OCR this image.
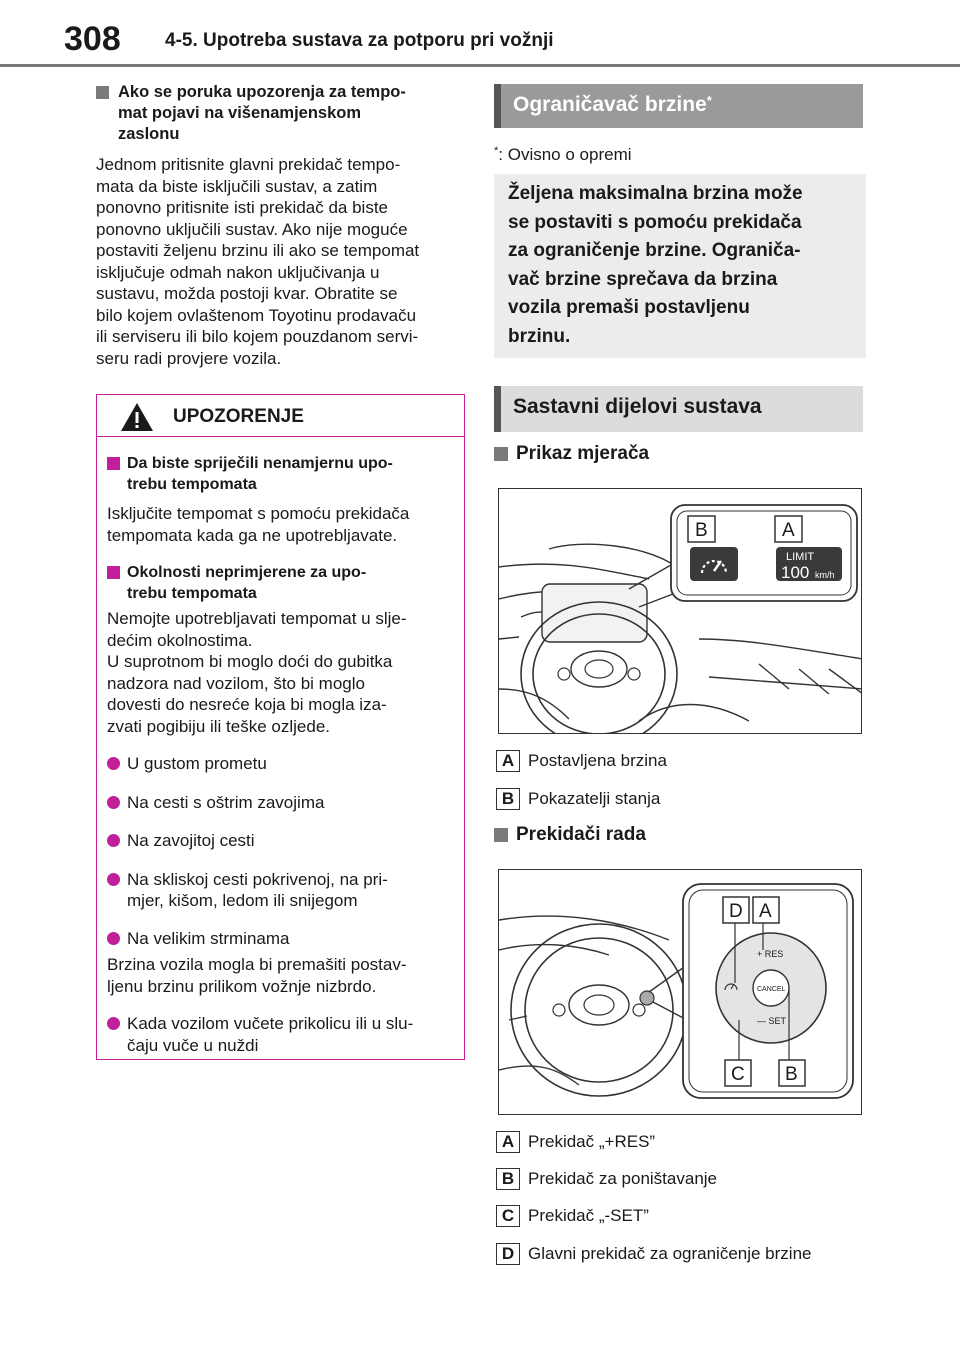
308 4-5. Upotreba sustava za potporu pri vožnji
Ako se poruka upozorenja za tempo-
mat pojavi na višenamjenskom
zaslonu
Jednom pritisnite glavni prekidač tempo-
mata da biste isključili sustav, a zatim
ponovno pritisnite isti prekidač da biste
ponovno uključili sustav. Ako nije moguće
postaviti željenu brzinu ili ako se tempomat
isključuje odmah nakon uključivanja u
sustavu, možda postoji kvar. Obratite se
bilo kojem ovlaštenom Toyotinu prodavaču
ili serviseru ili bilo kojem pouzdanom servi-
seru radi provjere vozila.
UPOZORENJE
Da biste spriječili nenamjernu upo-
trebu tempomata
Isključite tempomat s pomoću prekidača
tempomata kada ga ne upotrebljavate.
Okolnosti neprimjerene za upo-
trebu tempomata
Nemojte upotrebljavati tempomat u slje-
dećim okolnostima.
U suprotnom bi moglo doći do gubitka
nadzora nad vozilom, što bi moglo
dovesti do nesreće koja bi mogla iza-
zvati pogibiju ili teške ozljede.
U gustom prometu
Na cesti s oštrim zavojima
Na zavojitoj cesti
Na skliskoj cesti pokrivenoj, na pri-
mjer, kišom, ledom ili snijegom
Na velikim strminama
Brzina vozila mogla bi premašiti postav-
ljenu brzinu prilikom vožnje nizbrdo.
Kada vozilom vučete prikolicu ili u slu-
čaju vuče u nuždi
Ograničavač brzine*
*: Ovisno o opremi

Željena maksimalna brzina može

se postaviti s pomoću prekidača

za ograničenje brzine. Ograniča-

vač brzine sprečava da brzina

vozila premaši postavljenu

brzinu.

Sastavni dijelovi sustava
Prikaz mjerača
LIMIT
100 km/h
B	A
A Postavljena brzina
B Pokazatelji stanja
Prekidači rada
CANCEL
+ RES
— SET
D A
C B
A Prekidač „+RES”
B Prekidač za poništavanje
C Prekidač „-SET”
D Glavni prekidač za ograničenje brzine
